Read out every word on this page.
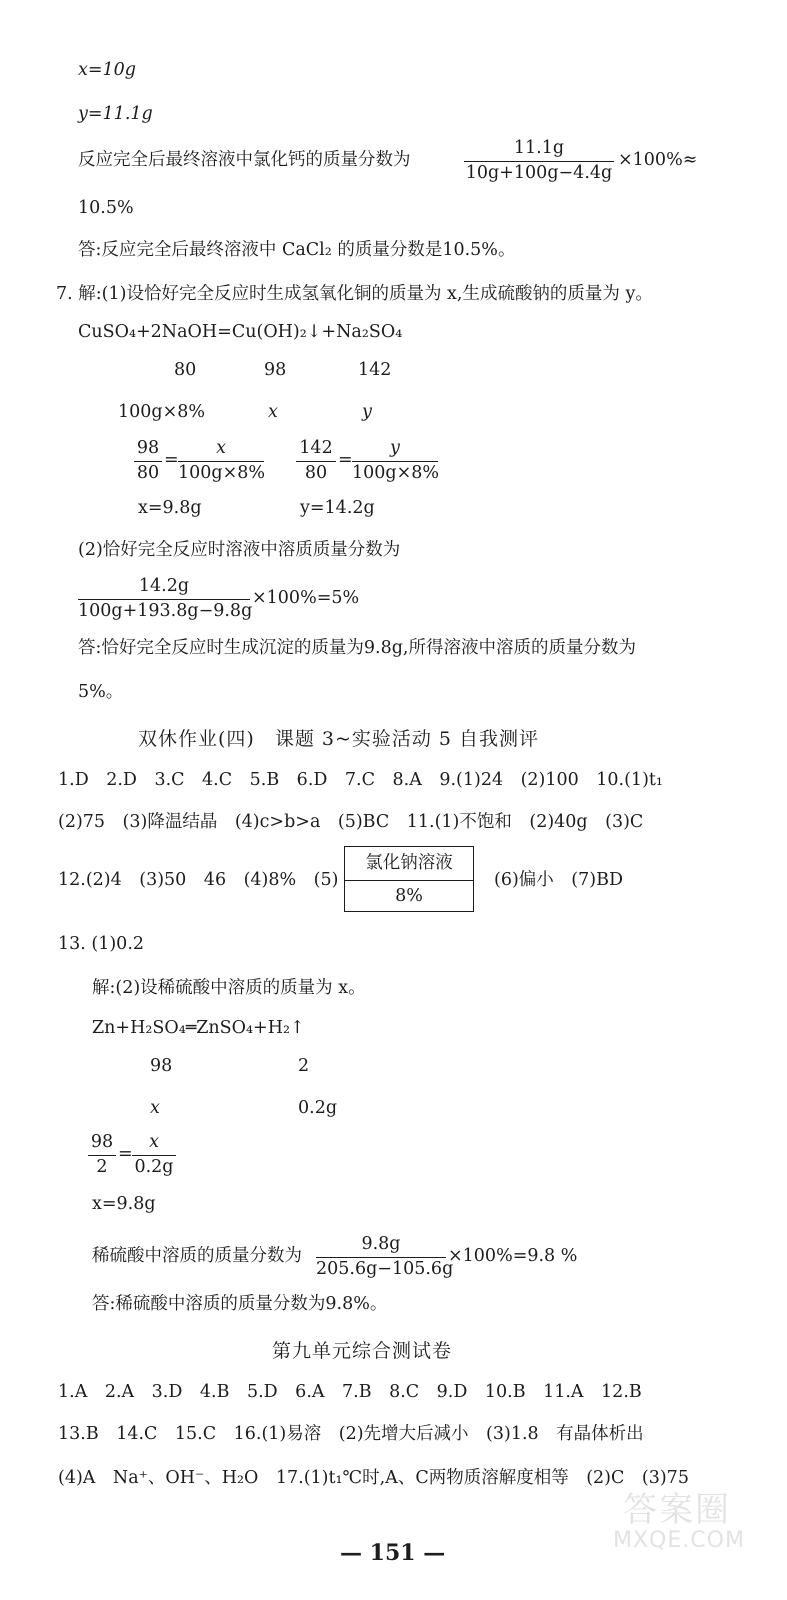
x=10g
y=11.1g
反应完全后最终溶液中氯化钙的质量分数为	$\frac{11.1g}{10g+100g-4.4g} \times 100\%\approx$
10.5%
答:反应完全后最终溶液中 CaCl₂ 的质量分数是10.5%。
7. 解:(1)设恰好完全反应时生成氢氧化铜的质量为 x,生成硫酸钠的质量为 y。
CuSO₄+2NaOH=Cu(OH)₂↓+Na₂SO₄
80	98	142
100g×8%	x	y
$\frac{98}{80} = \frac{x}{100g\times 8\%} \frac{142}{80} = \frac{y}{100g\times 8\%}$
x=9.8g	y=14.2g
(2)恰好完全反应时溶液中溶质质量分数为
$\frac{14.2g}{100g+193.8g-9.8g} \times 100\%=5\%$
答:恰好完全反应时生成沉淀的质量为9.8g,所得溶液中溶质的质量分数为
5%。
双休作业(四)　课题 3~实验活动 5 自我测评
1.D　2.D　3.C　4.C　5.B　6.D　7.C　8.A　9.(1)24　(2)100　10.(1)t₁
(2)75　(3)降温结晶　(4)c>b>a　(5)BC　11.(1)不饱和　(2)40g　(3)C
12.(2)4　(3)50　46　(4)8%　(5)
氯化钠溶液
8%
(6)偏小　(7)BD
13. (1)0.2
解:(2)设稀硫酸中溶质的质量为 x。
Zn+H₂SO₄═ZnSO₄+H₂↑
98	2
x	0.2g
$\frac{98}{2} = \frac{x}{0.2g}$
x=9.8g
稀硫酸中溶质的质量分数为 $\frac{9.8g}{205.6g-105.6g} \times 100\%=9.8$ %
答:稀硫酸中溶质的质量分数为9.8%。
第九单元综合测试卷
1.A　2.A　3.D　4.B　5.D　6.A　7.B　8.C　9.D　10.B　11.A　12.B
13.B　14.C　15.C　16.(1)易溶　(2)先增大后减小　(3)1.8　有晶体析出
(4)A　Na⁺、OH⁻、H₂O　17.(1)t₁℃时,A、C两物质溶解度相等　(2)C　(3)75
— 151 —
答案圈
MXQE.COM
